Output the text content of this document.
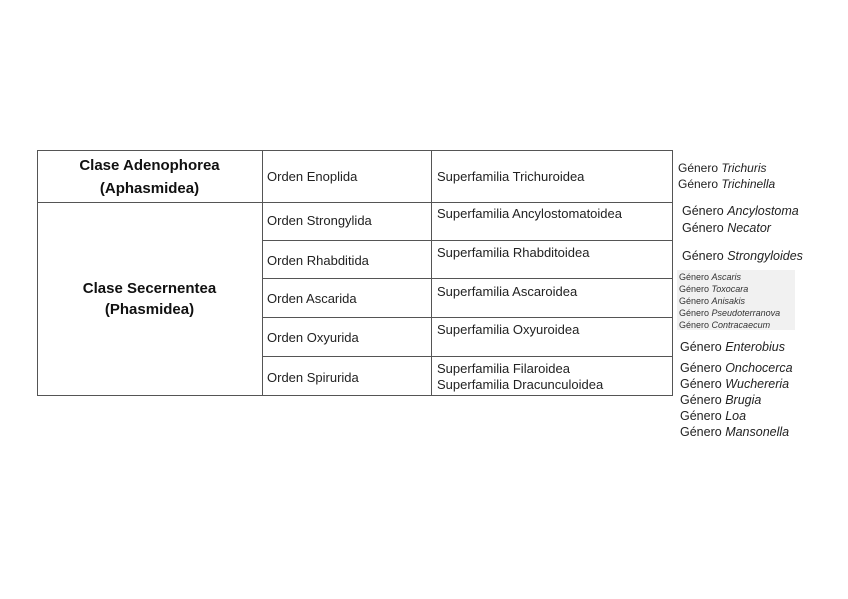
Clase Adenophorea
(Aphasmidea)
Clase Secernentea
(Phasmidea)
Orden Enoplida
Orden Strongylida
Orden Rhabditida
Orden Ascarida
Orden Oxyurida
Orden Spirurida
Superfamilia Trichuroidea
Superfamilia Ancylostomatoidea
Superfamilia Rhabditoidea
Superfamilia Ascaroidea
Superfamilia Oxyuroidea
Superfamilia Filaroidea
Superfamilia Dracunculoidea
Género Trichuris
Género Trichinella
Género Ancylostoma
Género Necator
Género Strongyloides
Género Ascaris
Género Toxocara
Género Anisakis
Género Pseudoterranova
Género Contracaecum
Género Enterobius
Género Onchocerca
Género Wuchereria
Género Brugia
Género Loa
Género Mansonella
